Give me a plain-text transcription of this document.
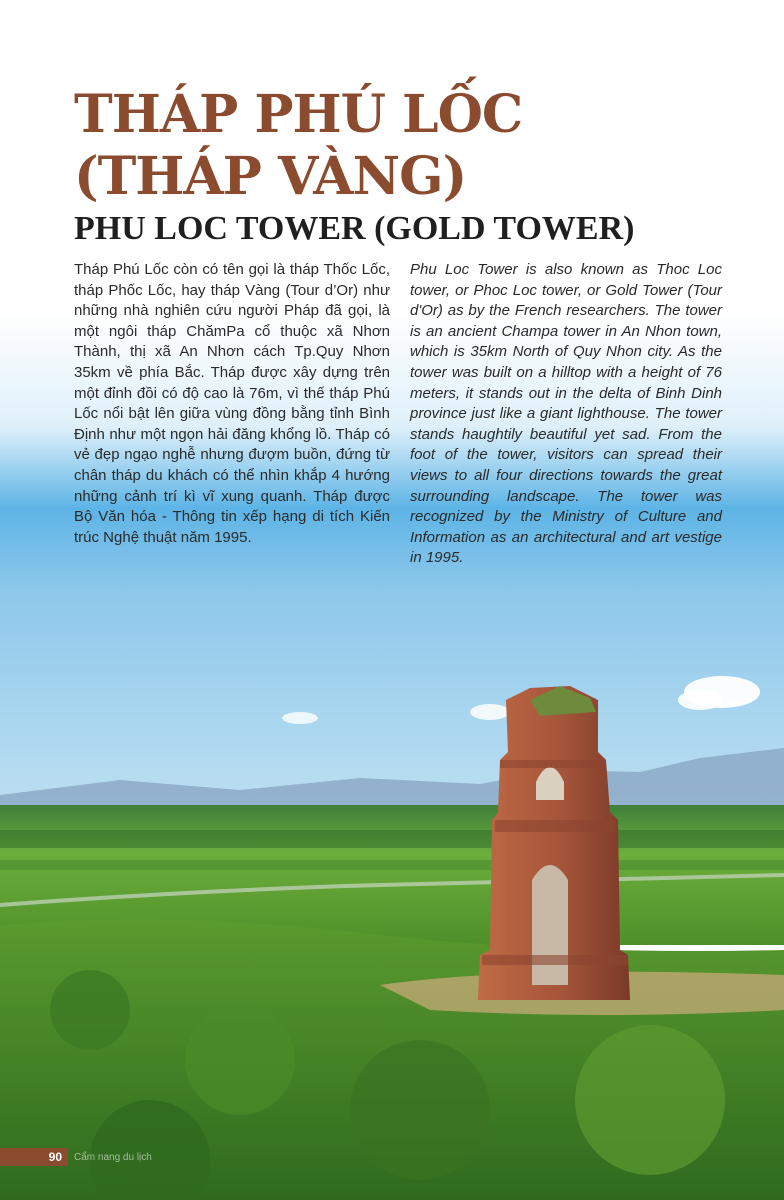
THÁP PHÚ LỐC
(THÁP VÀNG)
PHU LOC TOWER (GOLD TOWER)

Tháp Phú Lốc còn có tên gọi là tháp Thốc Lốc, tháp Phốc Lốc, hay tháp Vàng (Tour d’Or) như những nhà nghiên cứu người Pháp đã gọi, là một ngôi tháp ChămPa cổ thuộc xã Nhơn Thành, thị xã An Nhơn cách Tp.Quy Nhơn 35km về phía Bắc. Tháp được xây dựng trên một đỉnh đồi có độ cao là 76m, vì thế tháp Phú Lốc nổi bật lên giữa vùng đồng bằng tỉnh Bình Định như một ngọn hải đăng khổng lồ. Tháp có vẻ đẹp ngạo nghễ nhưng đượm buồn, đứng từ chân tháp du khách có thể nhìn khắp 4 hướng những cảnh trí kì vĩ xung quanh. Tháp được Bộ Văn hóa - Thông tin xếp hạng di tích Kiến trúc Nghệ thuật năm 1995.

Phu Loc Tower is also known as Thoc Loc tower, or Phoc Loc tower, or Gold Tower (Tour d'Or) as by the French researchers. The tower is an ancient Champa tower in An Nhon town, which is 35km North of Quy Nhon city. As the tower was built on a hilltop with a height of 76 meters, it stands out in the delta of Binh Dinh province just like a giant lighthouse. The tower stands haughtily beautiful yet sad. From the foot of the tower, visitors can spread their views to all four directions towards the great surrounding landscape. The tower was recognized by the Ministry of Culture and Information as an architectural and art vestige in 1995.

90	Cẩm nang du lịch
